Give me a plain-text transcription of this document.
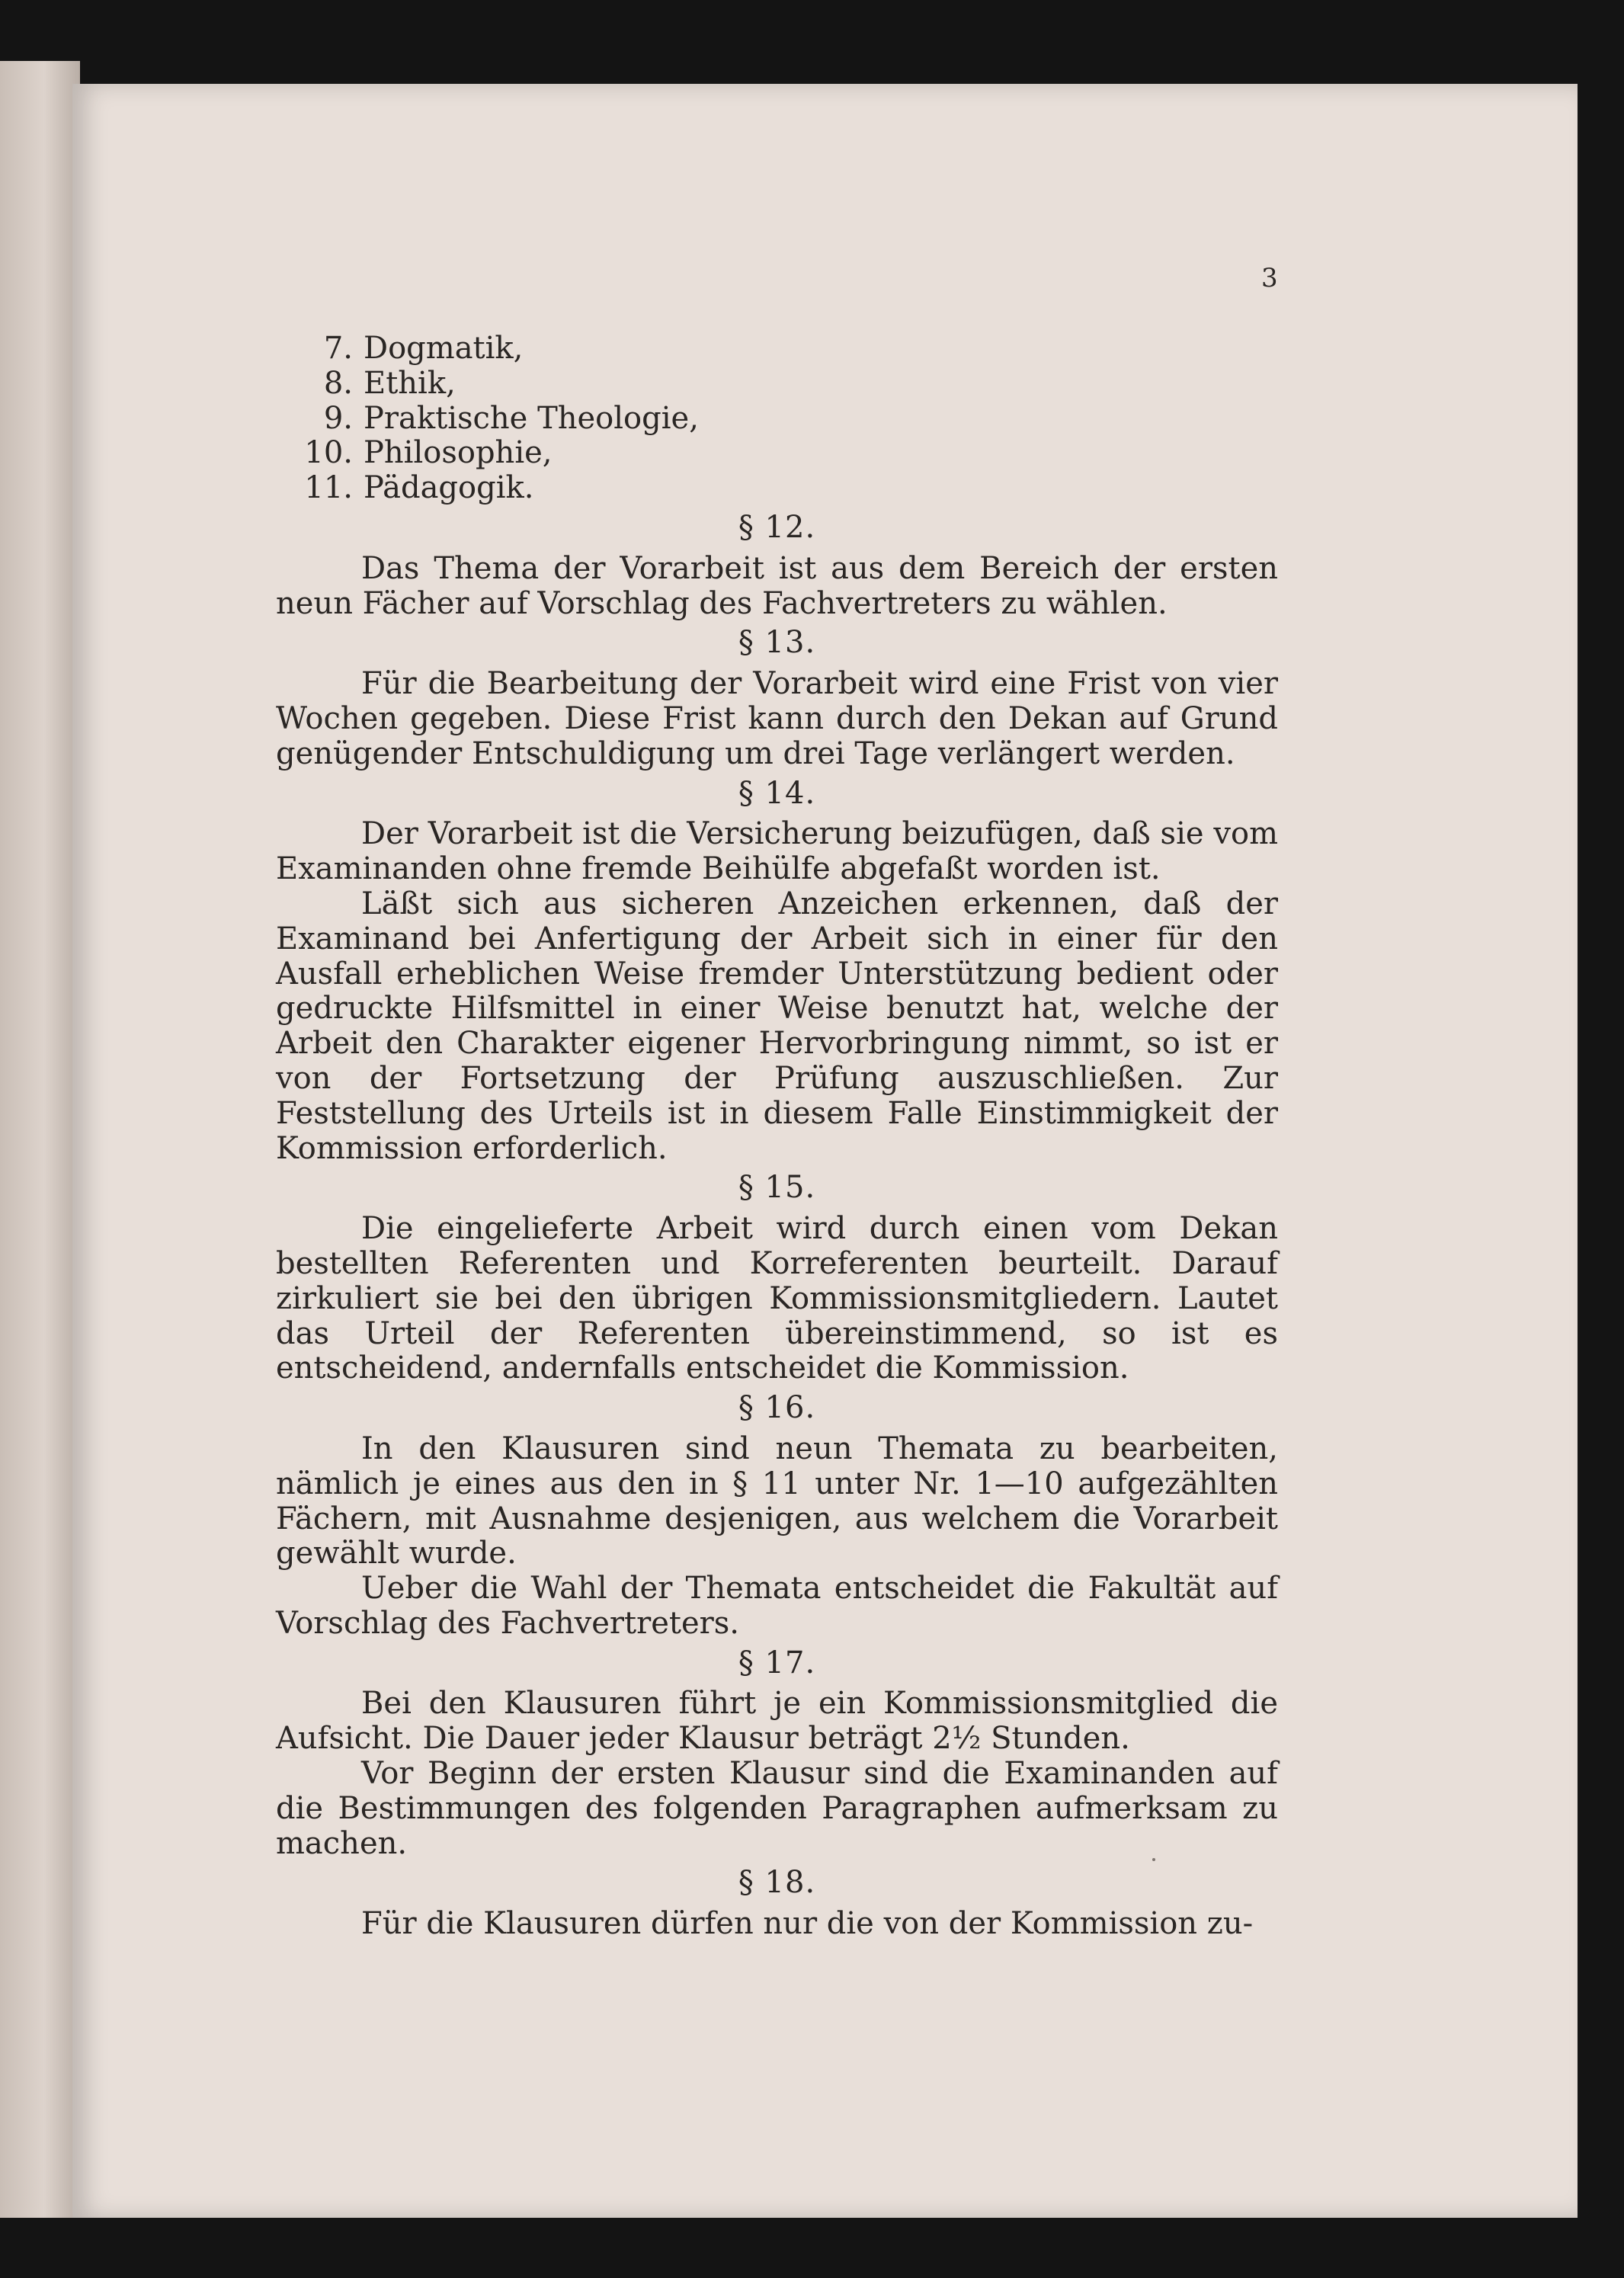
3
7. Dogmatik,
8. Ethik,
9. Praktische Theologie,
10. Philosophie,
11. Pädagogik.
§ 12.
Das Thema der Vorarbeit ist aus dem Bereich der ersten neun Fächer auf Vorschlag des Fachvertreters zu wählen.
§ 13.
Für die Bearbeitung der Vorarbeit wird eine Frist von vier Wochen gegeben. Diese Frist kann durch den Dekan auf Grund genügender Entschuldigung um drei Tage verlängert werden.
§ 14.
Der Vorarbeit ist die Versicherung beizufügen, daß sie vom Examinanden ohne fremde Beihülfe abgefaßt worden ist.
Läßt sich aus sicheren Anzeichen erkennen, daß der Examinand bei Anfertigung der Arbeit sich in einer für den Ausfall erheblichen Weise fremder Unterstützung bedient oder gedruckte Hilfsmittel in einer Weise benutzt hat, welche der Arbeit den Charakter eigener Hervorbringung nimmt, so ist er von der Fortsetzung der Prüfung auszuschließen. Zur Feststellung des Urteils ist in diesem Falle Einstimmigkeit der Kommission erforderlich.
§ 15.
Die eingelieferte Arbeit wird durch einen vom Dekan bestellten Referenten und Korreferenten beurteilt. Darauf zirkuliert sie bei den übrigen Kommissionsmitgliedern. Lautet das Urteil der Referenten übereinstimmend, so ist es entscheidend, andernfalls entscheidet die Kommission.
§ 16.
In den Klausuren sind neun Themata zu bearbeiten, nämlich je eines aus den in § 11 unter Nr. 1—10 aufgezählten Fächern, mit Ausnahme desjenigen, aus welchem die Vorarbeit gewählt wurde.
Ueber die Wahl der Themata entscheidet die Fakultät auf Vorschlag des Fachvertreters.
§ 17.
Bei den Klausuren führt je ein Kommissionsmitglied die Aufsicht. Die Dauer jeder Klausur beträgt 2½ Stunden.
Vor Beginn der ersten Klausur sind die Examinanden auf die Bestimmungen des folgenden Paragraphen aufmerksam zu machen.
§ 18.
Für die Klausuren dürfen nur die von der Kommission zu-
